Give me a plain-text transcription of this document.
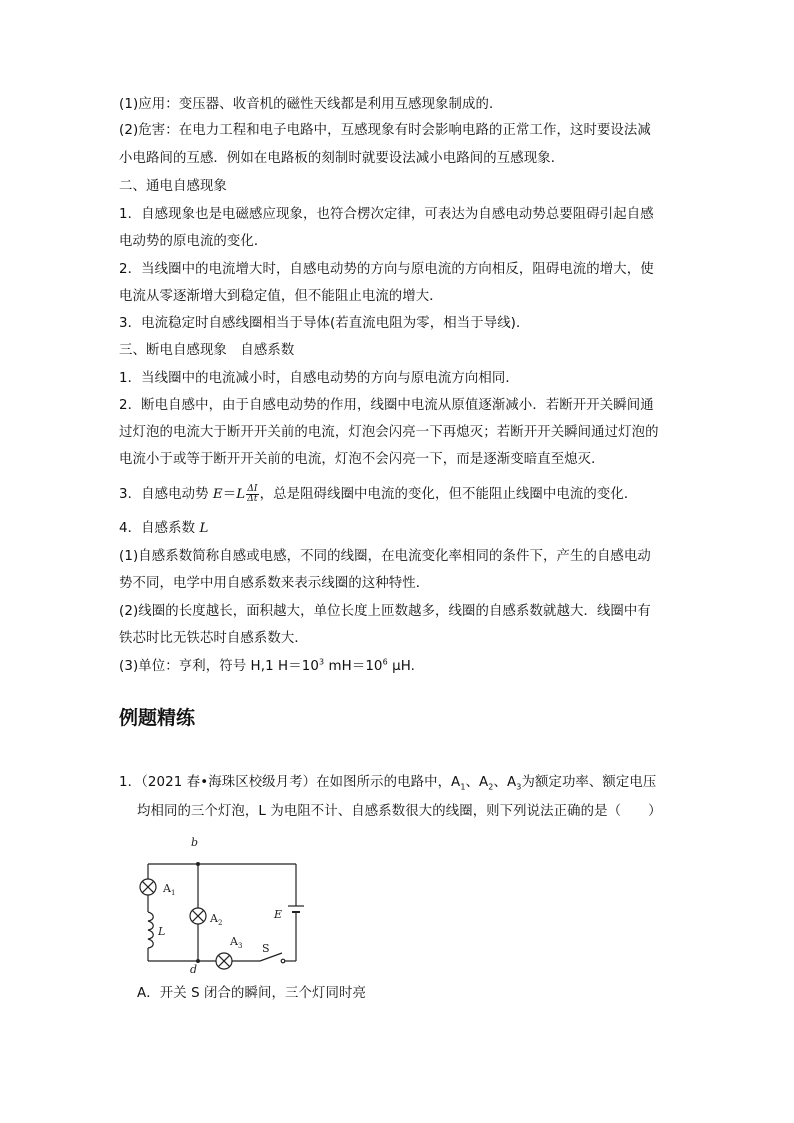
(1)应用：变压器、收音机的磁性天线都是利用互感现象制成的．
(2)危害：在电力工程和电子电路中，互感现象有时会影响电路的正常工作，这时要设法减
小电路间的互感．例如在电路板的刻制时就要设法减小电路间的互感现象．
二、通电自感现象
1．自感现象也是电磁感应现象，也符合楞次定律，可表达为自感电动势总要阻碍引起自感
电动势的原电流的变化．
2．当线圈中的电流增大时，自感电动势的方向与原电流的方向相反，阻碍电流的增大，使
电流从零逐渐增大到稳定值，但不能阻止电流的增大．
3．电流稳定时自感线圈相当于导体(若直流电阻为零，相当于导线)．
三、断电自感现象　自感系数
1．当线圈中的电流减小时，自感电动势的方向与原电流方向相同．
2．断电自感中，由于自感电动势的作用，线圈中电流从原值逐渐减小．若断开开关瞬间通
过灯泡的电流大于断开开关前的电流，灯泡会闪亮一下再熄灭；若断开开关瞬间通过灯泡的
电流小于或等于断开开关前的电流，灯泡不会闪亮一下，而是逐渐变暗直至熄灭．
3．自感电动势 $E=L \frac{\Delta I}{\Delta t}$ ，总是阻碍线圈中电流的变化，但不能阻止线圈中电流的变化．
4．自感系数 L
(1)自感系数简称自感或电感，不同的线圈，在电流变化率相同的条件下，产生的自感电动
势不同，电学中用自感系数来表示线圈的这种特性．
(2)线圈的长度越长，面积越大，单位长度上匝数越多，线圈的自感系数就越大．线圈中有
铁芯时比无铁芯时自感系数大．
(3)单位：亨利，符号 H,1 $H=10^3$ $mH=10^6$ μH.
例题精练
1．（2021 春•海珠区校级月考）在如图所示的电路中，$A_1$、$A_2$、$A_3$为额定功率、额定电压
均相同的三个灯泡，L 为电阻不计、自感系数很大的线圈，则下列说法正确的是（　　）
b
d
$A_1$
$A_2$
$A_3$
L
E
S
A．开关 S 闭合的瞬间，三个灯同时亮
